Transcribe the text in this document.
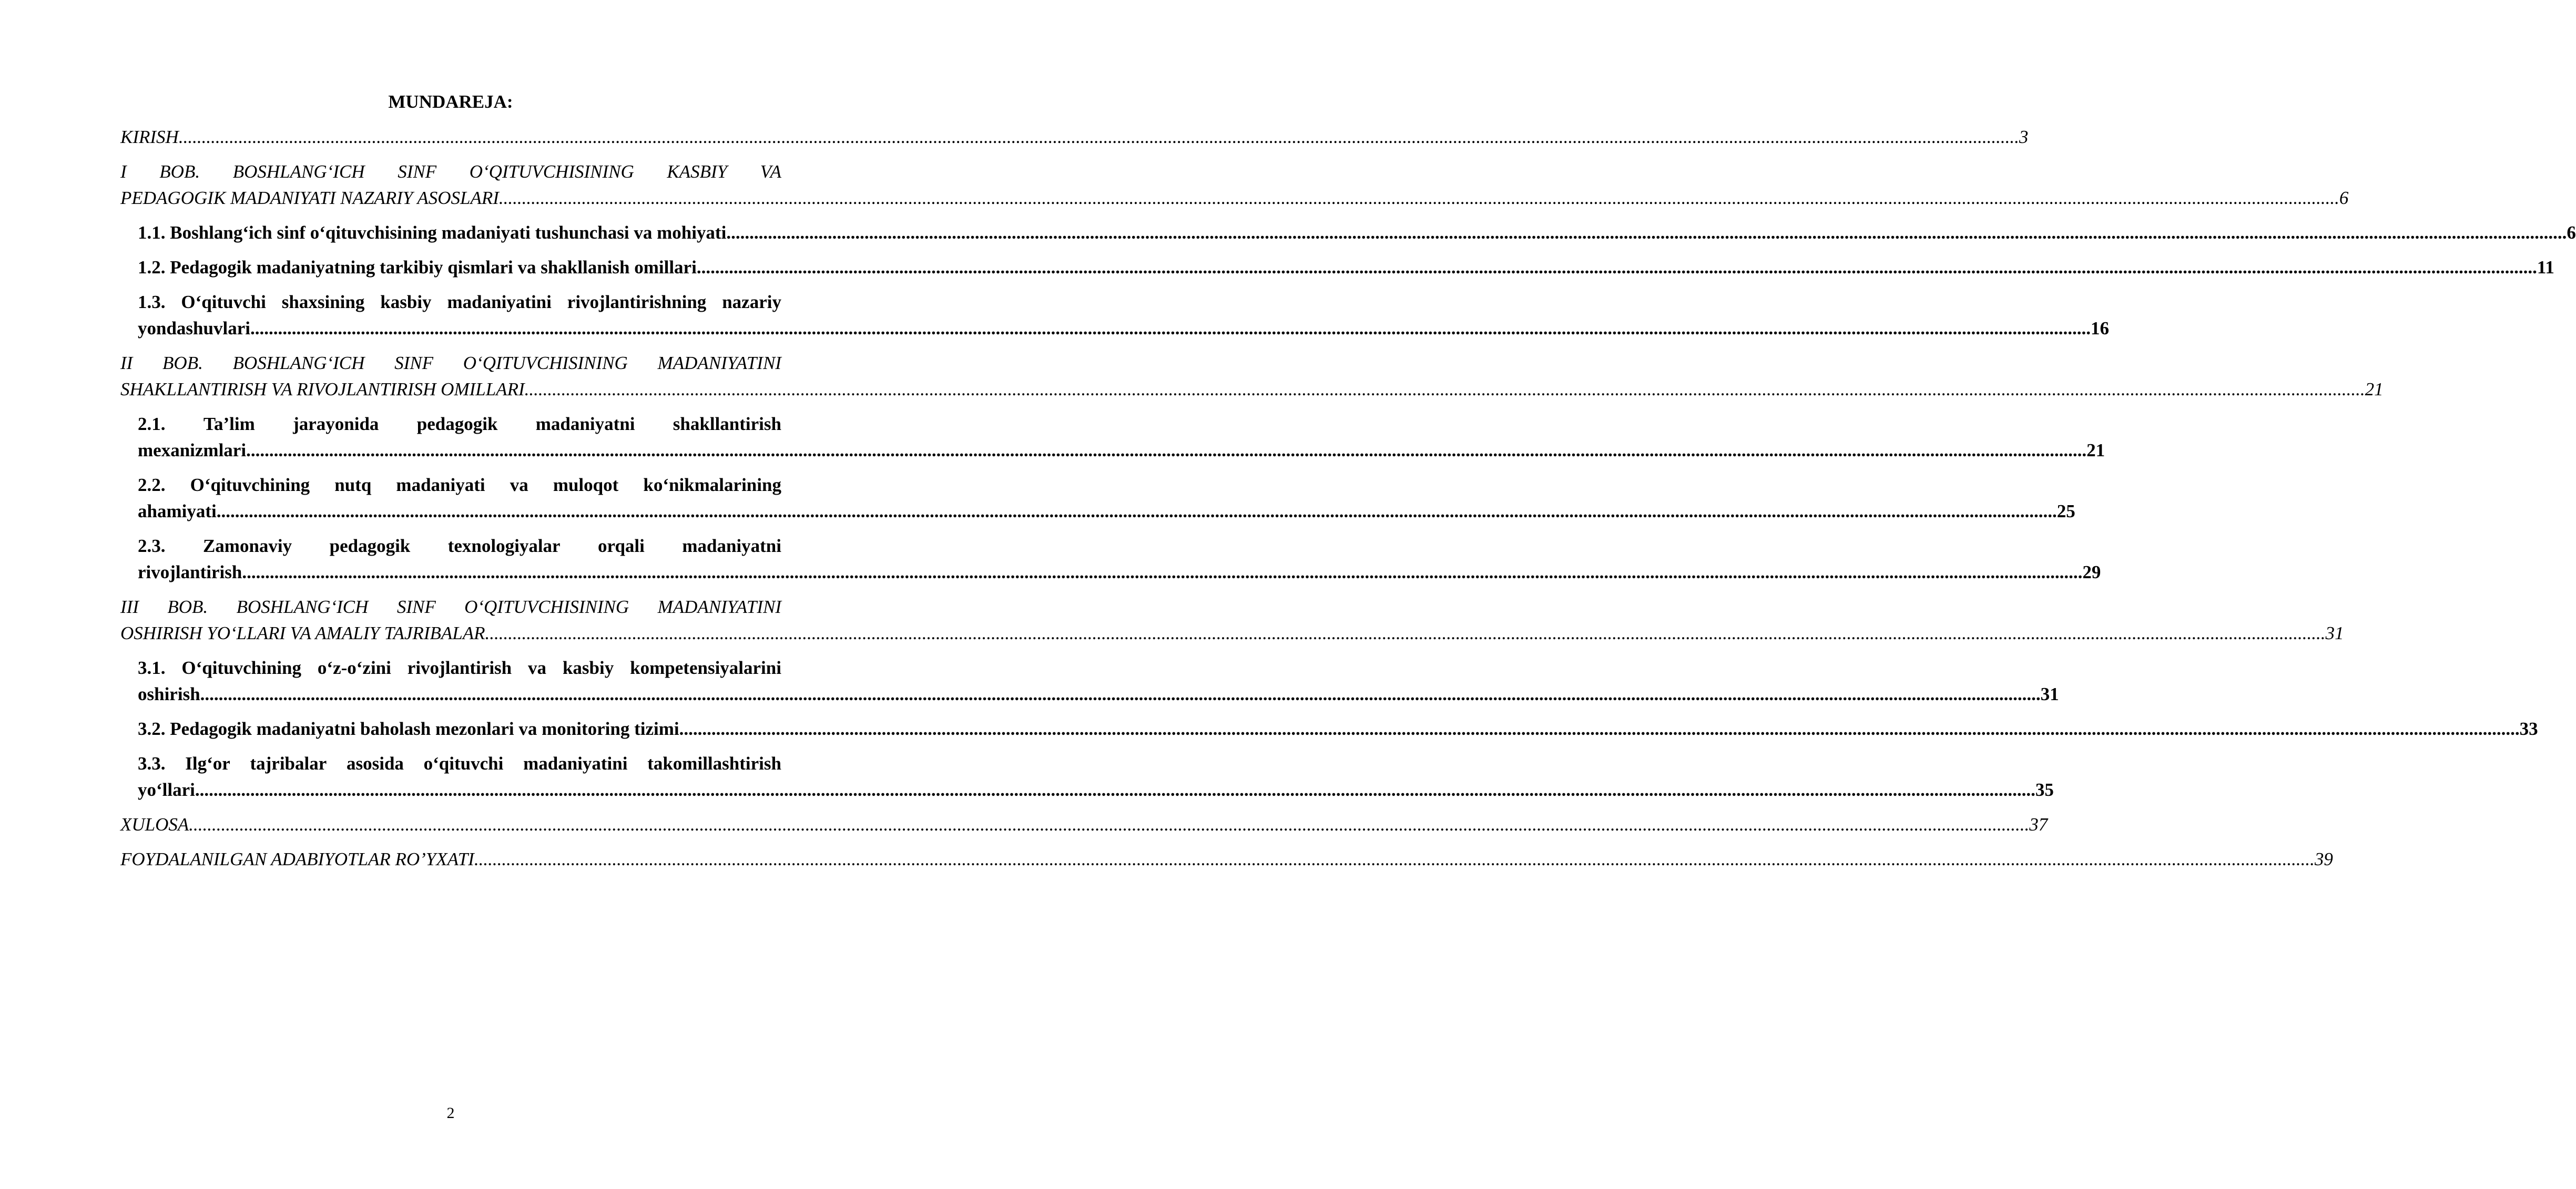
MUNDAREJA:
KIRISH ................................................................................................................................................................................................................................................................................................................................................................................................................ 3
I BOB. BOSHLANG‘ICH SINF O‘QITUVCHISINING KASBIY VA
PEDAGOGIK MADANIYATI NAZARIY ASOSLARI ................................................................................................................................................................................................................................................................................................................................................................................................................ 6
1.1. Boshlang‘ich sinf o‘qituvchisining madaniyati tushunchasi va mohiyati ................................................................................................................................................................................................................................................................................................................................................................................................................ 6
1.2. Pedagogik madaniyatning tarkibiy qismlari va shakllanish omillari ................................................................................................................................................................................................................................................................................................................................................................................................................ 11
1.3. O‘qituvchi shaxsining kasbiy madaniyatini rivojlantirishning nazariy
yondashuvlari ................................................................................................................................................................................................................................................................................................................................................................................................................ 16
II BOB. BOSHLANG‘ICH SINF O‘QITUVCHISINING MADANIYATINI
SHAKLLANTIRISH VA RIVOJLANTIRISH OMILLARI ................................................................................................................................................................................................................................................................................................................................................................................................................ 21
2.1. Ta’lim jarayonida pedagogik madaniyatni shakllantirish
mexanizmlari ................................................................................................................................................................................................................................................................................................................................................................................................................ 21
2.2. O‘qituvchining nutq madaniyati va muloqot ko‘nikmalarining
ahamiyati ................................................................................................................................................................................................................................................................................................................................................................................................................ 25
2.3. Zamonaviy pedagogik texnologiyalar orqali madaniyatni
rivojlantirish ................................................................................................................................................................................................................................................................................................................................................................................................................ 29
III BOB. BOSHLANG‘ICH SINF O‘QITUVCHISINING MADANIYATINI
OSHIRISH YO‘LLARI VA AMALIY TAJRIBALAR ................................................................................................................................................................................................................................................................................................................................................................................................................ 31
3.1. O‘qituvchining o‘z-o‘zini rivojlantirish va kasbiy kompetensiyalarini
oshirish ................................................................................................................................................................................................................................................................................................................................................................................................................ 31
3.2. Pedagogik madaniyatni baholash mezonlari va monitoring tizimi ................................................................................................................................................................................................................................................................................................................................................................................................................ 33
3.3. Ilg‘or tajribalar asosida o‘qituvchi madaniyatini takomillashtirish
yo‘llari ................................................................................................................................................................................................................................................................................................................................................................................................................ 35
XULOSA ................................................................................................................................................................................................................................................................................................................................................................................................................ 37
FOYDALANILGAN ADABIYOTLAR RO’YXATI ................................................................................................................................................................................................................................................................................................................................................................................................................ 39
2
